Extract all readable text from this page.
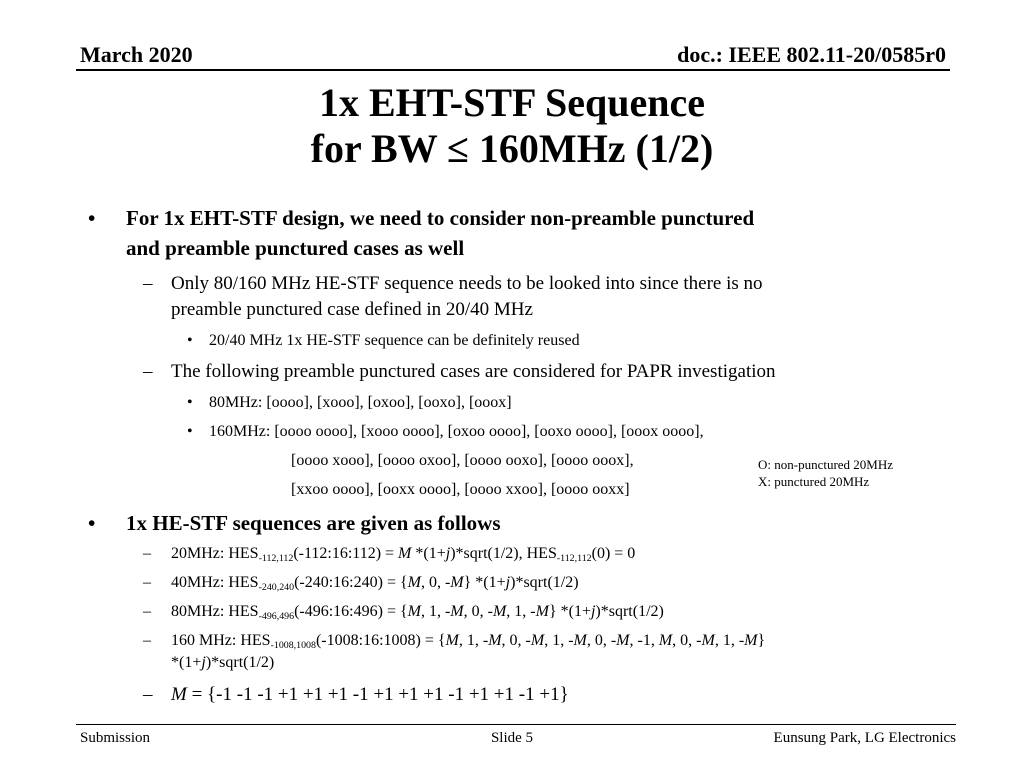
March 2020	doc.: IEEE 802.11-20/0585r0
1x EHT-STF Sequence
for BW ≤ 160MHz (1/2)
• For 1x EHT-STF design, we need to consider non-preamble punctured
and preamble punctured cases as well
– Only 80/160 MHz HE-STF sequence needs to be looked into since there is no
preamble punctured case defined in 20/40 MHz
• 20/40 MHz 1x HE-STF sequence can be definitely reused
– The following preamble punctured cases are considered for PAPR investigation
• 80MHz: [oooo], [xooo], [oxoo], [ooxo], [ooox]
• 160MHz: [oooo oooo], [xooo oooo], [oxoo oooo], [ooxo oooo], [ooox oooo],
[oooo xooo], [oooo oxoo], [oooo ooxo], [oooo ooox],
[xxoo oooo], [ooxx oooo], [oooo xxoo], [oooo ooxx]
O: non-punctured 20MHz
X: punctured 20MHz
• 1x HE-STF sequences are given as follows
– 20MHz: $HES_{-112,112}(-112:16:112) = M$ *(1+j)*sqrt(1/2), $HES_{-112,112}(0) = 0$
– 40MHz: $HES_{-240,240}(-240:16:240) = \{M$, 0, -M} *(1+j)*sqrt(1/2)
– 80MHz: $HES_{-496,496}(-496:16:496) = \{M$, 1, -M, 0, -M, 1, -M} *(1+j)*sqrt(1/2)
– 160 MHz: $HES_{-1008,1008}(-1008:16:1008) = \{M$, 1, -M, 0, -M, 1, -M, 0, -M, -1, M, 0, -M, 1, -M}
*(1+j)*sqrt(1/2)
– M = {-1 -1 -1 +1 +1 +1 -1 +1 +1 +1 -1 +1 +1 -1 +1}
Submission	Slide 5	Eunsung Park, LG Electronics
